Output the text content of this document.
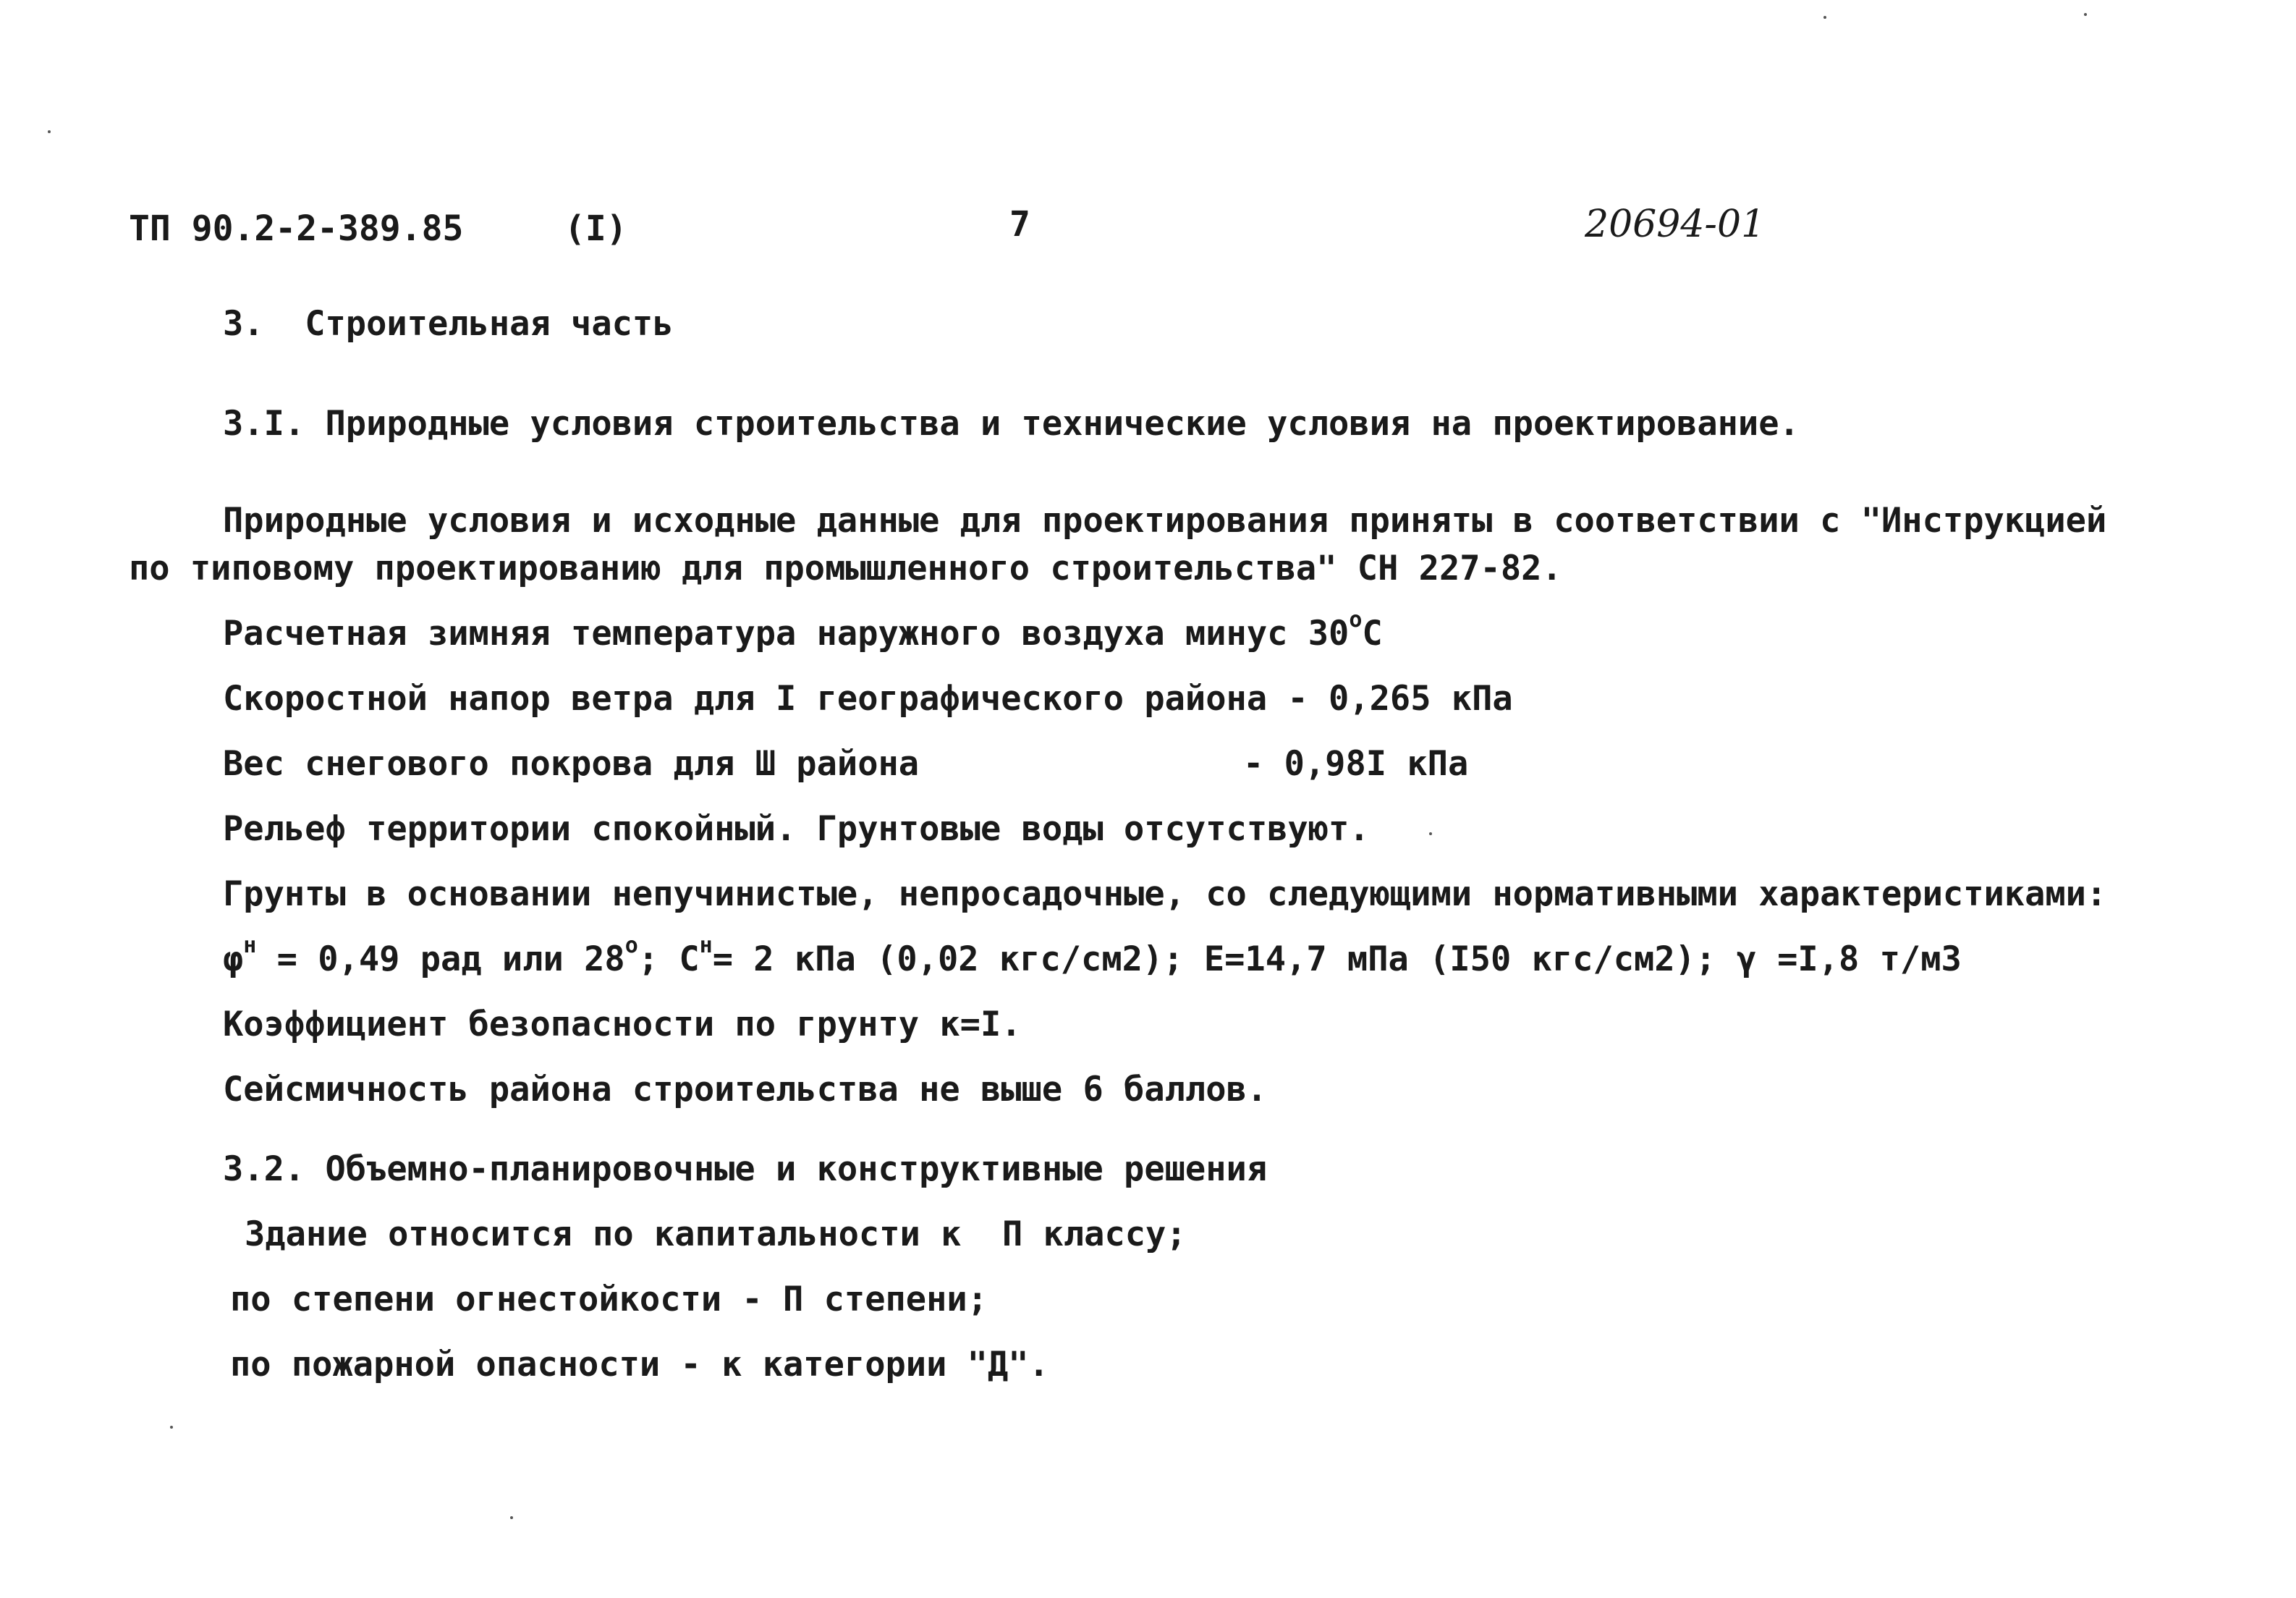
ТП 90.2-2-389.85	(I)	7	20694-01
3. Строительная часть
3.I. Природные условия строительства и технические условия на проектирование.
Природные условия и исходные данные для проектирования приняты в соответствии с "Инструкцией
по типовому проектированию для промышленного строительства" СН 227-82.
Расчетная зимняя температура наружного воздуха минус $30^оС$
Скоростной напор ветра для I географического района - 0,265 кПа
Вес снегового покрова для Ш района	- 0,98I кПа
Рельеф территории спокойный. Грунтовые воды отсутствуют.
Грунты в основании непучинистые, непросадочные, со следующими нормативными характеристиками:
$\varphi^н = 0,49$ рад или $28^о$; $С^н= 2$ кПа (0,02 кгс/см2); Е=14,7 мПа (I50 кгс/см2); γ =I,8 т/м3
Коэффициент безопасности по грунту к=I.
Сейсмичность района строительства не выше 6 баллов.
3.2. Объемно-планировочные и конструктивные решения
Здание относится по капитальности к  П классу;
по степени огнестойкости - П степени;
по пожарной опасности - к категории "Д".
